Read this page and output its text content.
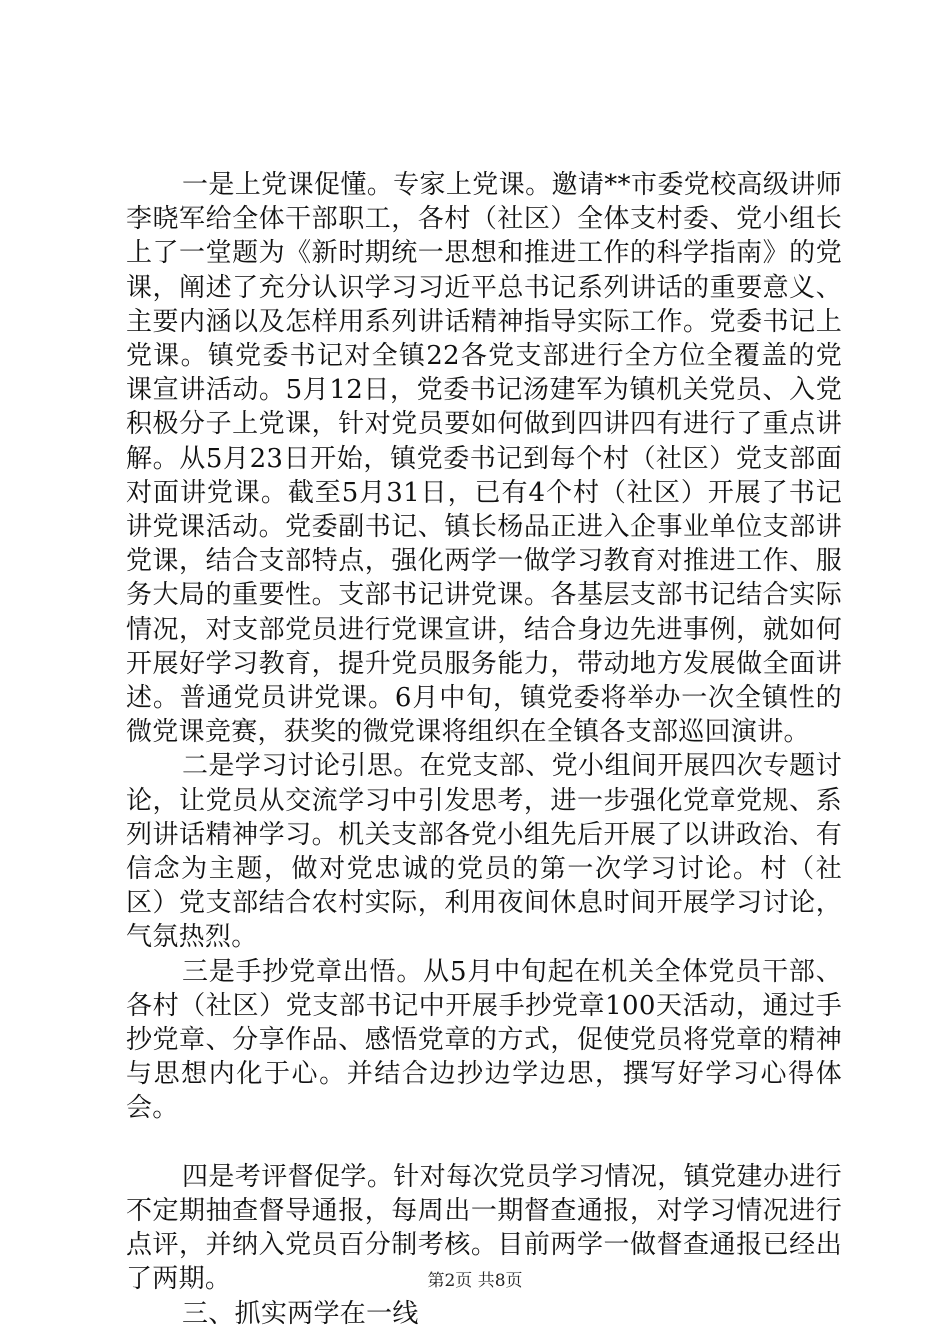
一是上党课促懂。专家上党课。邀请**市委党校高级讲师李晓军给全体干部职工，各村（社区）全体支村委、党小组长上了一堂题为《新时期统一思想和推进工作的科学指南》的党课，阐述了充分认识学习习近平总书记系列讲话的重要意义、主要内涵以及怎样用系列讲话精神指导实际工作。党委书记上党课。镇党委书记对全镇22各党支部进行全方位全覆盖的党课宣讲活动。5月12日，党委书记汤建军为镇机关党员、入党积极分子上党课，针对党员要如何做到四讲四有进行了重点讲解。从5月23日开始，镇党委书记到每个村（社区）党支部面对面讲党课。截至5月31日，已有4个村（社区）开展了书记讲党课活动。党委副书记、镇长杨品正进入企事业单位支部讲党课，结合支部特点，强化两学一做学习教育对推进工作、服务大局的重要性。支部书记讲党课。各基层支部书记结合实际情况，对支部党员进行党课宣讲，结合身边先进事例，就如何开展好学习教育，提升党员服务能力，带动地方发展做全面讲述。普通党员讲党课。6月中旬，镇党委将举办一次全镇性的微党课竞赛，获奖的微党课将组织在全镇各支部巡回演讲。

二是学习讨论引思。在党支部、党小组间开展四次专题讨论，让党员从交流学习中引发思考，进一步强化党章党规、系列讲话精神学习。机关支部各党小组先后开展了以讲政治、有信念为主题，做对党忠诚的党员的第一次学习讨论。村（社区）党支部结合农村实际，利用夜间休息时间开展学习讨论，气氛热烈。

三是手抄党章出悟。从5月中旬起在机关全体党员干部、各村（社区）党支部书记中开展手抄党章100天活动，通过手抄党章、分享作品、感悟党章的方式，促使党员将党章的精神与思想内化于心。并结合边抄边学边思，撰写好学习心得体会。

四是考评督促学。针对每次党员学习情况，镇党建办进行不定期抽查督导通报，每周出一期督查通报，对学习情况进行点评，并纳入党员百分制考核。目前两学一做督查通报已经出了两期。

三、抓实两学在一线

第2页 共8页
